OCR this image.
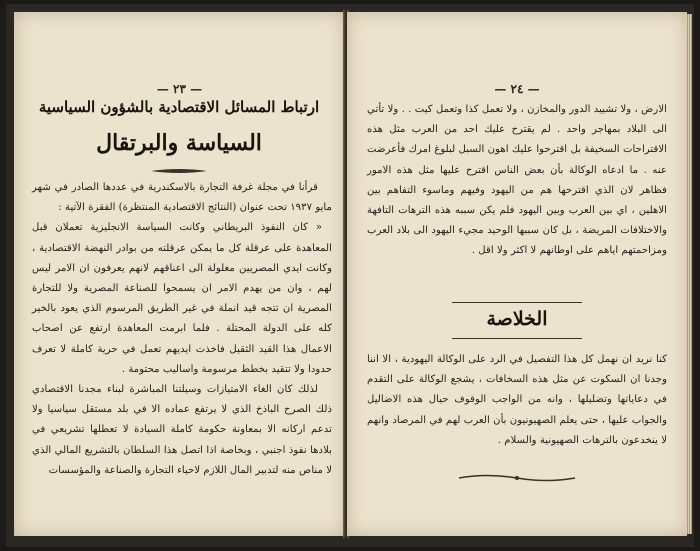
— ٢٣ —
ارتباط المسائل الاقتصادية بالشؤون السياسية
السياسة والبرتقال

قرأنا في مجلة غرفة التجارة بالاسكندرية في عددها الصادر في شهر مايو ١٩٣٧ تحت عنوان (النتائج الاقتصادية المنتظرة) الفقرة الآتية :

« كان النفوذ البريطاني وكانت السياسة الانجليزية تعملان قبل المعاهدة على عرقلة كل ما يمكن عرقلته من بوادر النهضة الاقتصادية ، وكانت ايدي المصريين مغلولة الى اعناقهم لانهم يعرفون ان الامر ليس لهم ، وان من يهدم الامر ان يسمحوا للصناعة المصرية ولا للتجارة المصرية ان تتجه قيد انملة في غير الطريق المرسوم الذي يعود بالخير كله على الدولة المحتلة . فلما ابرمت المعاهدة ارتفع عن اصحاب الاعمال هذا القيد الثقيل فاخذت ايديهم تعمل في حرية كاملة لا تعرف حدودا ولا تتقيد بخطط مرسومة واساليب محتومة .

لذلك كان الغاء الامتيازات وسيلتنا المباشرة لبناء مجدنا الاقتصادي ذلك الصرح الباذخ الذي لا يرتفع عماده الا في بلد مستقل سياسيا ولا تدعم اركانه الا بمعاونة حكومة كاملة السيادة لا تعطلها تشريعي في بلادها نفوذ اجنبي ، وبخاصة اذا اتصل هذا السلطان بالتشريع المالي الذي لا مناص منه لتدبير المال اللازم لاحياء التجارة والصناعة والمؤسسات

— ٢٤ —
الارض ، ولا تشييد الدور والمخازن ، ولا تعمل كذا وتعمل كيت . . ولا تأتي الى البلاد بمهاجر واحد . لم يقترح عليك احد من العرب مثل هذه الاقتراحات السخيفة بل اقترحوا عليك اهون السبل لبلوغ امرك فأعرضت عنه . ما ادعاه الوكالة بأن بعض الناس اقترح عليها مثل هذه الامور فظاهر لان الذي اقترحها هم من اليهود وفيهم وماسوء التفاهم بين الاهلين ، اي بين العرب وبين اليهود فلم يكن سببه هذه الترهات التافهة والاختلافات المريضة ، بل كان سببها الوحيد مجيء اليهود الى بلاد العرب ومزاحمتهم اياهم على اوطانهم لا اكثر ولا اقل .
الخلاصة
كنا نريد ان نهمل كل هذا التفصيل في الرد على الوكالة اليهودية ، الا اننا وجدنا ان السكوت عن مثل هذه السخافات ، يشجع الوكالة على التقدم في دعاياتها وتضليلها ، وانه من الواجب الوقوف حيال هذه الاضاليل والجواب عليها ، حتى يعلم الصهيونيون بأن العرب لهم في المرصاد وانهم لا ينخدعون بالترهات الصهيونية والسلام .
